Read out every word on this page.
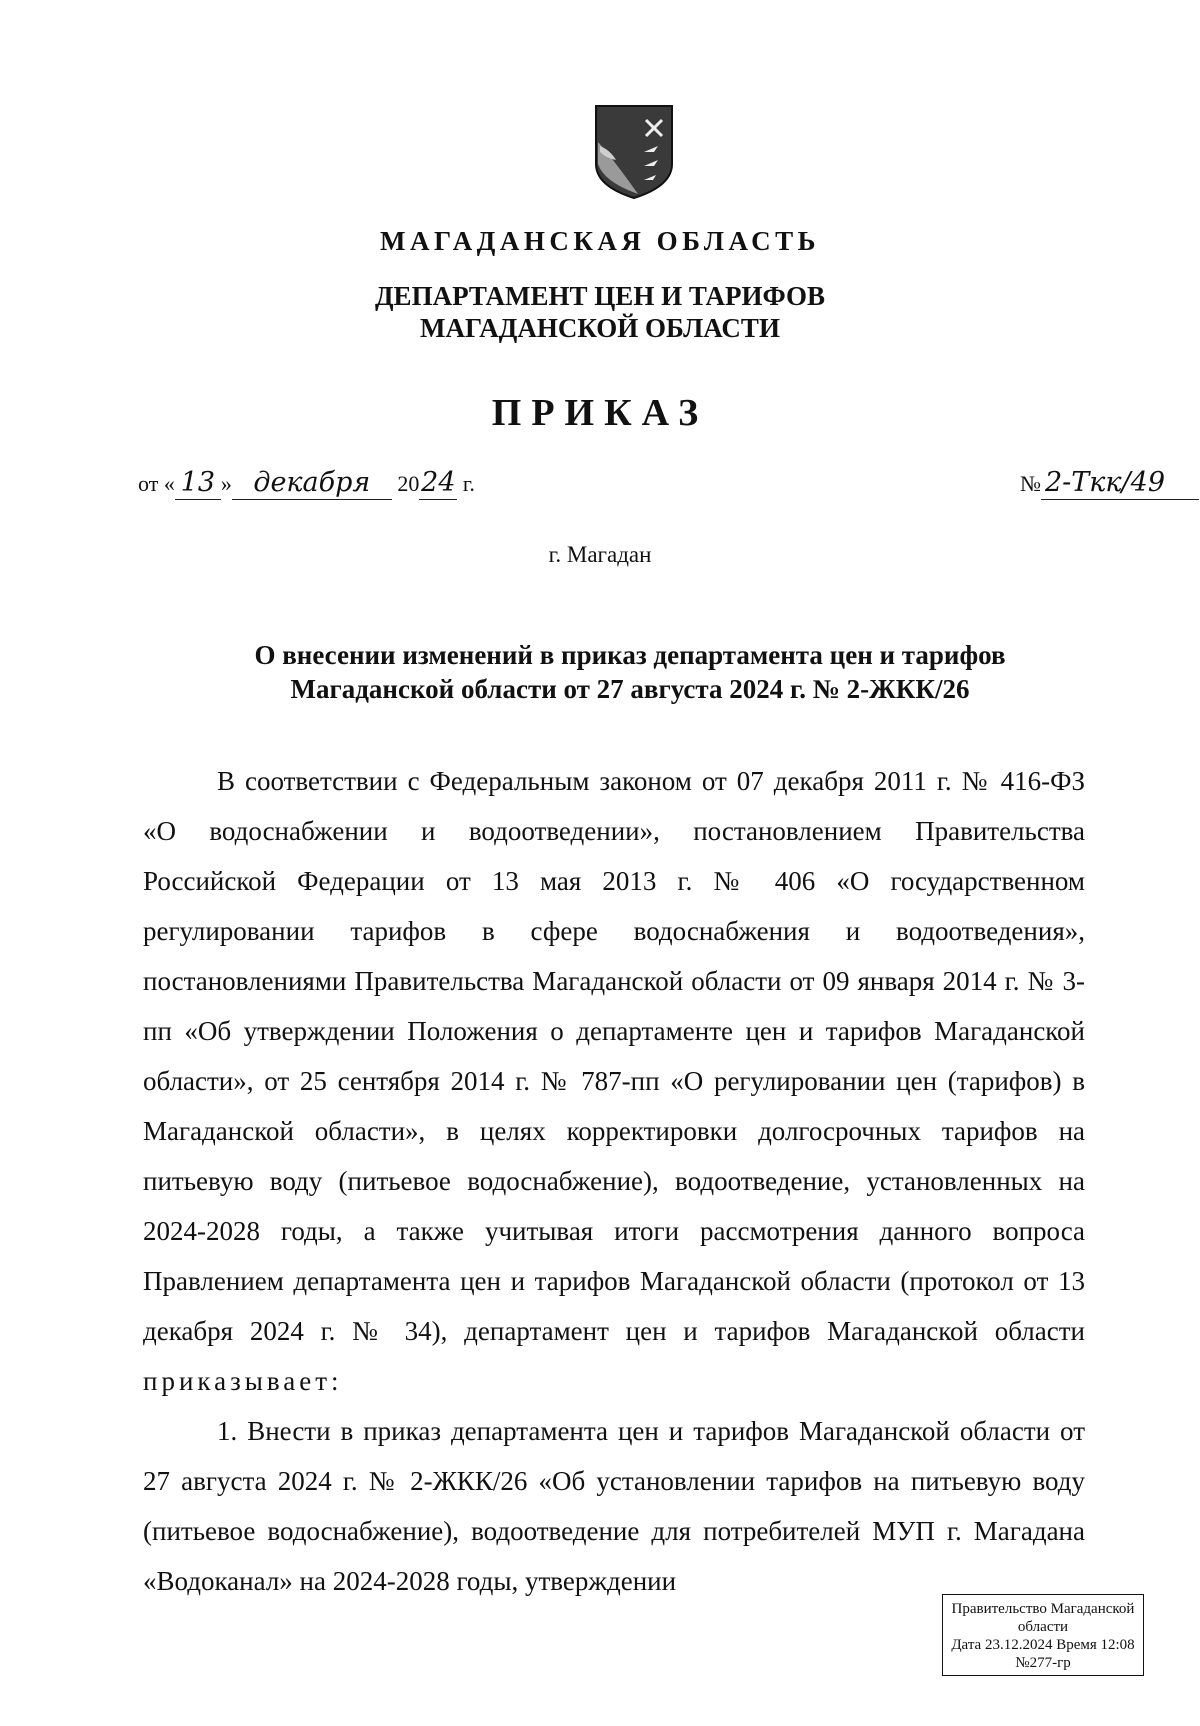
МАГАДАНСКАЯ ОБЛАСТЬ
ДЕПАРТАМЕНТ ЦЕН И ТАРИФОВ
МАГАДАНСКОЙ ОБЛАСТИ
ПРИКАЗ
от « 13 » декабря 2024 г.	№ 2-Ткк/49
г. Магадан
О внесении изменений в приказ департамента цен и тарифов
Магаданской области от 27 августа 2024 г. № 2-ЖКК/26

В соответствии с Федеральным законом от 07 декабря 2011 г. № 416-ФЗ «О водоснабжении и водоотведении», постановлением Правительства Российской Федерации от 13 мая 2013 г. № 406 «О государственном регулировании тарифов в сфере водоснабжения и водоотведения», постановлениями Правительства Магаданской области от 09 января 2014 г. № 3-пп «Об утверждении Положения о департаменте цен и тарифов Магаданской области», от 25 сентября 2014 г. № 787-пп «О регулировании цен (тарифов) в Магаданской области», в целях корректировки долгосрочных тарифов на питьевую воду (питьевое водоснабжение), водоотведение, установленных на 2024-2028 годы, а также учитывая итоги рассмотрения данного вопроса Правлением департамента цен и тарифов Магаданской области (протокол от 13 декабря 2024 г. № 34), департамент цен и тарифов Магаданской области приказывает:

1. Внести в приказ департамента цен и тарифов Магаданской области от 27 августа 2024 г. № 2-ЖКК/26 «Об установлении тарифов на питьевую воду (питьевое водоснабжение), водоотведение для потребителей МУП г. Магадана «Водоканал» на 2024-2028 годы, утверждении

Правительство Магаданской
области
Дата 23.12.2024 Время 12:08
№277-гр
